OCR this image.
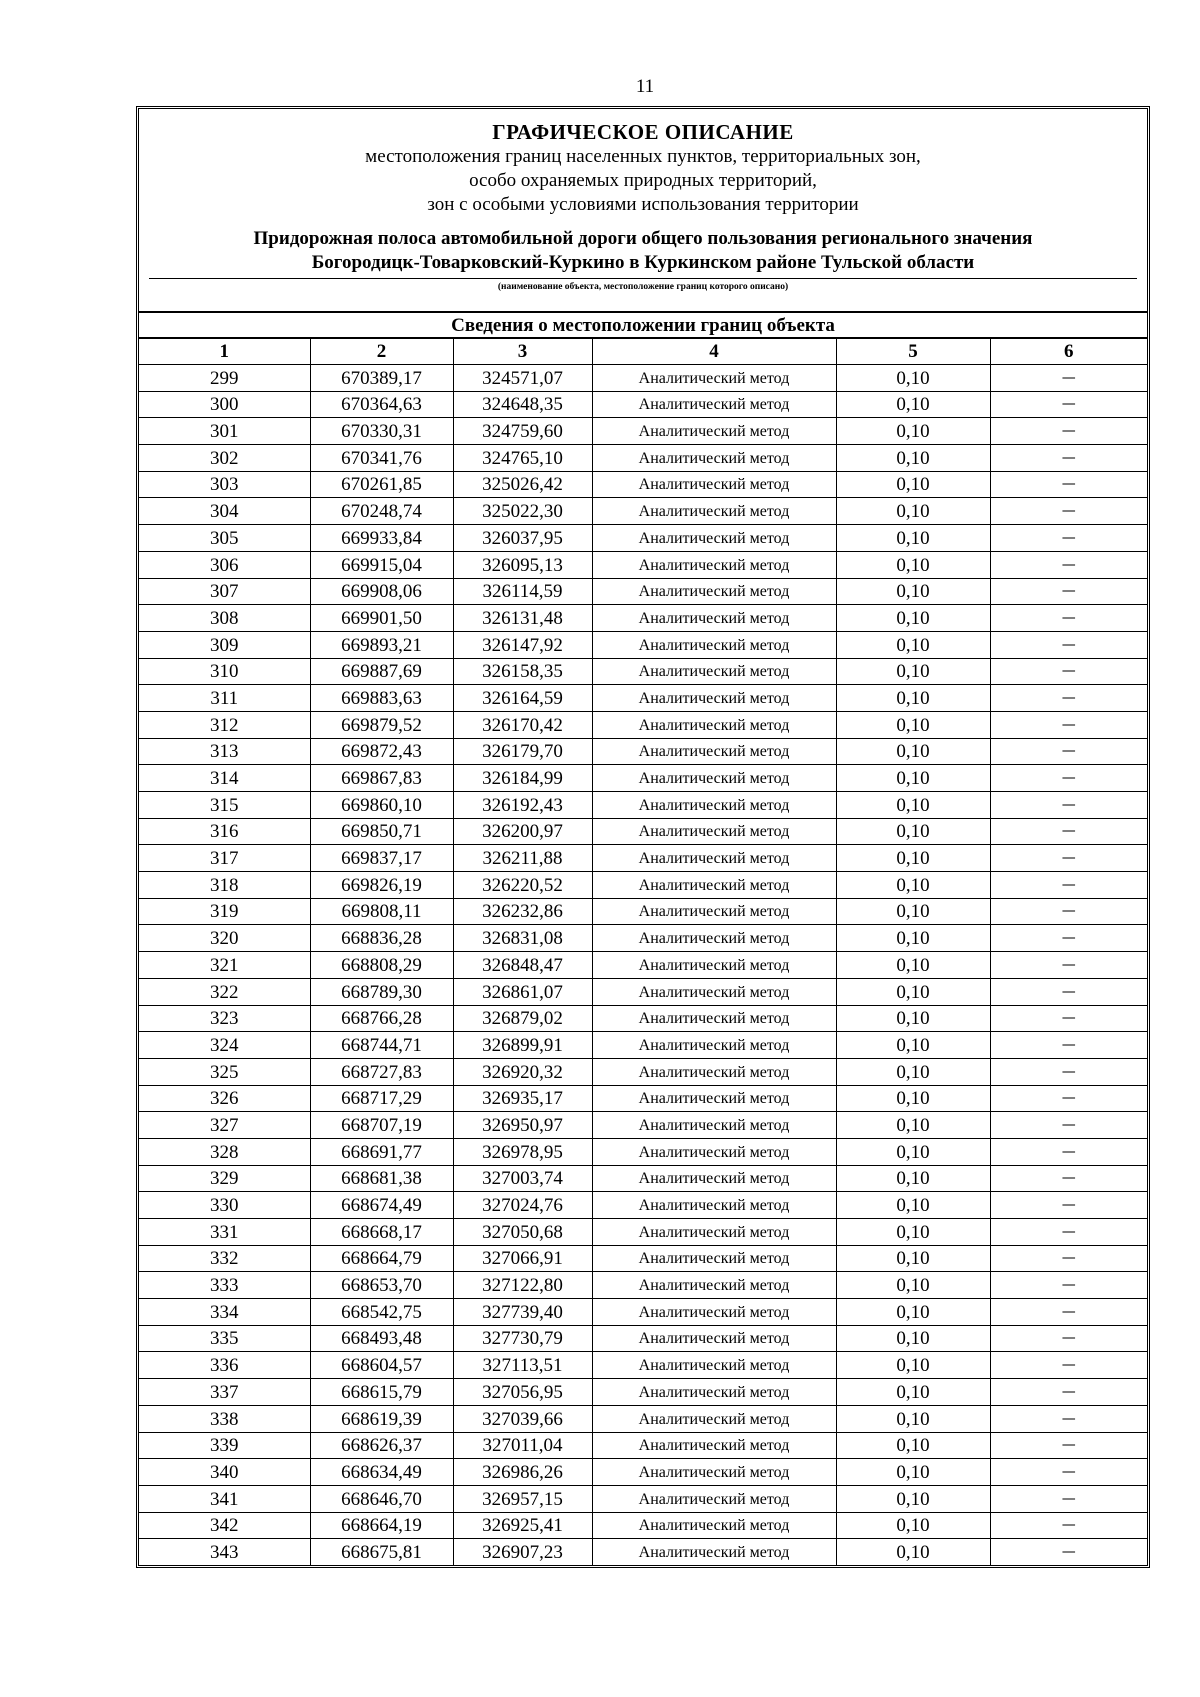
11
ГРАФИЧЕСКОЕ ОПИСАНИЕ
местоположения границ населенных пунктов, территориальных зон,
особо охраняемых природных территорий,
зон с особыми условиями использования территории
Придорожная полоса автомобильной дороги общего пользования регионального значения
Богородицк-Товарковский-Куркино в Куркинском районе Тульской области
(наименование объекта, местоположение границ которого описано)
Сведения о местоположении границ объекта
1	2	3	4	5	6
299	670389,17	324571,07	Аналитический метод	0,10	—
300	670364,63	324648,35	Аналитический метод	0,10	—
301	670330,31	324759,60	Аналитический метод	0,10	—
302	670341,76	324765,10	Аналитический метод	0,10	—
303	670261,85	325026,42	Аналитический метод	0,10	—
304	670248,74	325022,30	Аналитический метод	0,10	—
305	669933,84	326037,95	Аналитический метод	0,10	—
306	669915,04	326095,13	Аналитический метод	0,10	—
307	669908,06	326114,59	Аналитический метод	0,10	—
308	669901,50	326131,48	Аналитический метод	0,10	—
309	669893,21	326147,92	Аналитический метод	0,10	—
310	669887,69	326158,35	Аналитический метод	0,10	—
311	669883,63	326164,59	Аналитический метод	0,10	—
312	669879,52	326170,42	Аналитический метод	0,10	—
313	669872,43	326179,70	Аналитический метод	0,10	—
314	669867,83	326184,99	Аналитический метод	0,10	—
315	669860,10	326192,43	Аналитический метод	0,10	—
316	669850,71	326200,97	Аналитический метод	0,10	—
317	669837,17	326211,88	Аналитический метод	0,10	—
318	669826,19	326220,52	Аналитический метод	0,10	—
319	669808,11	326232,86	Аналитический метод	0,10	—
320	668836,28	326831,08	Аналитический метод	0,10	—
321	668808,29	326848,47	Аналитический метод	0,10	—
322	668789,30	326861,07	Аналитический метод	0,10	—
323	668766,28	326879,02	Аналитический метод	0,10	—
324	668744,71	326899,91	Аналитический метод	0,10	—
325	668727,83	326920,32	Аналитический метод	0,10	—
326	668717,29	326935,17	Аналитический метод	0,10	—
327	668707,19	326950,97	Аналитический метод	0,10	—
328	668691,77	326978,95	Аналитический метод	0,10	—
329	668681,38	327003,74	Аналитический метод	0,10	—
330	668674,49	327024,76	Аналитический метод	0,10	—
331	668668,17	327050,68	Аналитический метод	0,10	—
332	668664,79	327066,91	Аналитический метод	0,10	—
333	668653,70	327122,80	Аналитический метод	0,10	—
334	668542,75	327739,40	Аналитический метод	0,10	—
335	668493,48	327730,79	Аналитический метод	0,10	—
336	668604,57	327113,51	Аналитический метод	0,10	—
337	668615,79	327056,95	Аналитический метод	0,10	—
338	668619,39	327039,66	Аналитический метод	0,10	—
339	668626,37	327011,04	Аналитический метод	0,10	—
340	668634,49	326986,26	Аналитический метод	0,10	—
341	668646,70	326957,15	Аналитический метод	0,10	—
342	668664,19	326925,41	Аналитический метод	0,10	—
343	668675,81	326907,23	Аналитический метод	0,10	—
